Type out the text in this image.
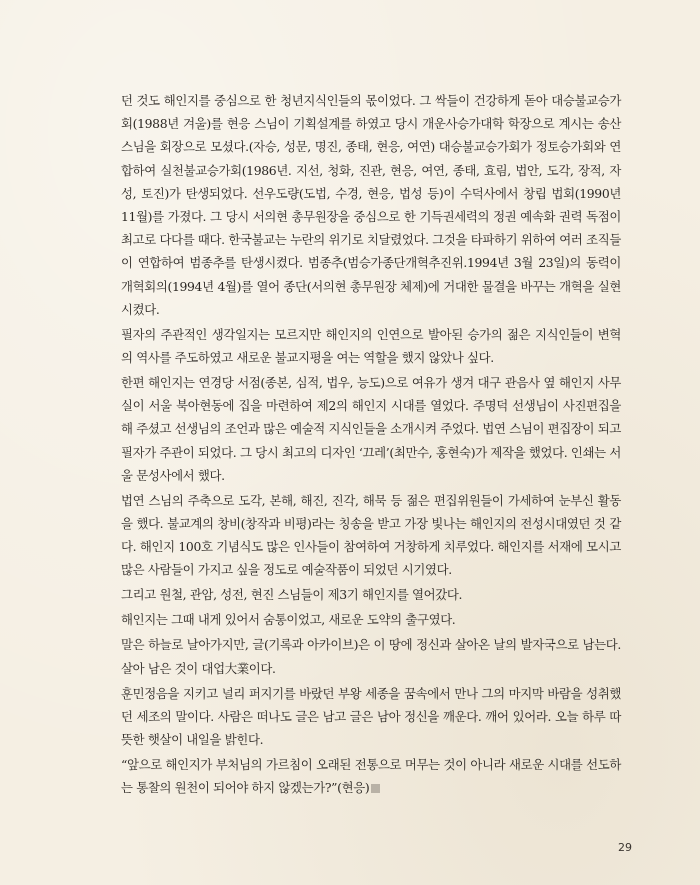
던 것도 해인지를 중심으로 한 청년지식인들의 몫이었다. 그 싹들이 건강하게 돋아 대승불교승가회(1988년 겨울)를 현응 스님이 기획설계를 하였고 당시 개운사승가대학 학장으로 계시는 송산 스님을 회장으로 모셨다.(자승, 성문, 명진, 종태, 현응, 여연) 대승불교승가회가 정토승가회와 연합하여 실천불교승가회(1986년. 지선, 청화, 진관, 현응, 여연, 종태, 효림, 법안, 도각, 장적, 자성, 토진)가 탄생되었다. 선우도량(도법, 수경, 현응, 법성 등)이 수덕사에서 창립 법회(1990년 11월)를 가졌다. 그 당시 서의현 총무원장을 중심으로 한 기득권세력의 정권 예속화 권력 독점이 최고로 다다를 때다. 한국불교는 누란의 위기로 치달렸었다. 그것을 타파하기 위하여 여러 조직들이 연합하여 범종추를 탄생시켰다. 범종추(범승가종단개혁추진위.1994년 3월 23일)의 동력이 개혁회의(1994년 4월)를 열어 종단(서의현 총무원장 체제)에 거대한 물결을 바꾸는 개혁을 실현시켰다.

필자의 주관적인 생각일지는 모르지만 해인지의 인연으로 발아된 승가의 젊은 지식인들이 변혁의 역사를 주도하였고 새로운 불교지평을 여는 역할을 했지 않았나 싶다.

한편 해인지는 연경당 서점(종본, 심적, 법우, 능도)으로 여유가 생겨 대구 관음사 옆 해인지 사무실이 서울 북아현동에 집을 마련하여 제2의 해인지 시대를 열었다. 주명덕 선생님이 사진편집을 해 주셨고 선생님의 조언과 많은 예술적 지식인들을 소개시켜 주었다. 법연 스님이 편집장이 되고 필자가 주관이 되었다. 그 당시 최고의 디자인 ‘끄레’(최만수, 홍현숙)가 제작을 했었다. 인쇄는 서울 문성사에서 했다.

법연 스님의 주축으로 도각, 본해, 해진, 진각, 해묵 등 젊은 편집위원들이 가세하여 눈부신 활동을 했다. 불교계의 창비(창작과 비평)라는 칭송을 받고 가장 빛나는 해인지의 전성시대였던 것 같다. 해인지 100호 기념식도 많은 인사들이 참여하여 거창하게 치루었다. 해인지를 서재에 모시고 많은 사람들이 가지고 싶을 정도로 예술작품이 되었던 시기였다.

그리고 원철, 관암, 성전, 현진 스님들이 제3기 해인지를 열어갔다.

해인지는 그때 내게 있어서 숨통이었고, 새로운 도약의 출구였다.

말은 하늘로 날아가지만, 글(기록과 아카이브)은 이 땅에 정신과 살아온 날의 발자국으로 남는다. 살아 남은 것이 대업大業이다.

훈민정음을 지키고 널리 퍼지기를 바랐던 부왕 세종을 꿈속에서 만나 그의 마지막 바람을 성취했던 세조의 말이다. 사람은 떠나도 글은 남고 글은 남아 정신을 깨운다. 깨어 있어라. 오늘 하루 따뜻한 햇살이 내일을 밝힌다.

“앞으로 해인지가 부처님의 가르침이 오래된 전통으로 머무는 것이 아니라 새로운 시대를 선도하는 통찰의 원천이 되어야 하지 않겠는가?”(현응)

29
